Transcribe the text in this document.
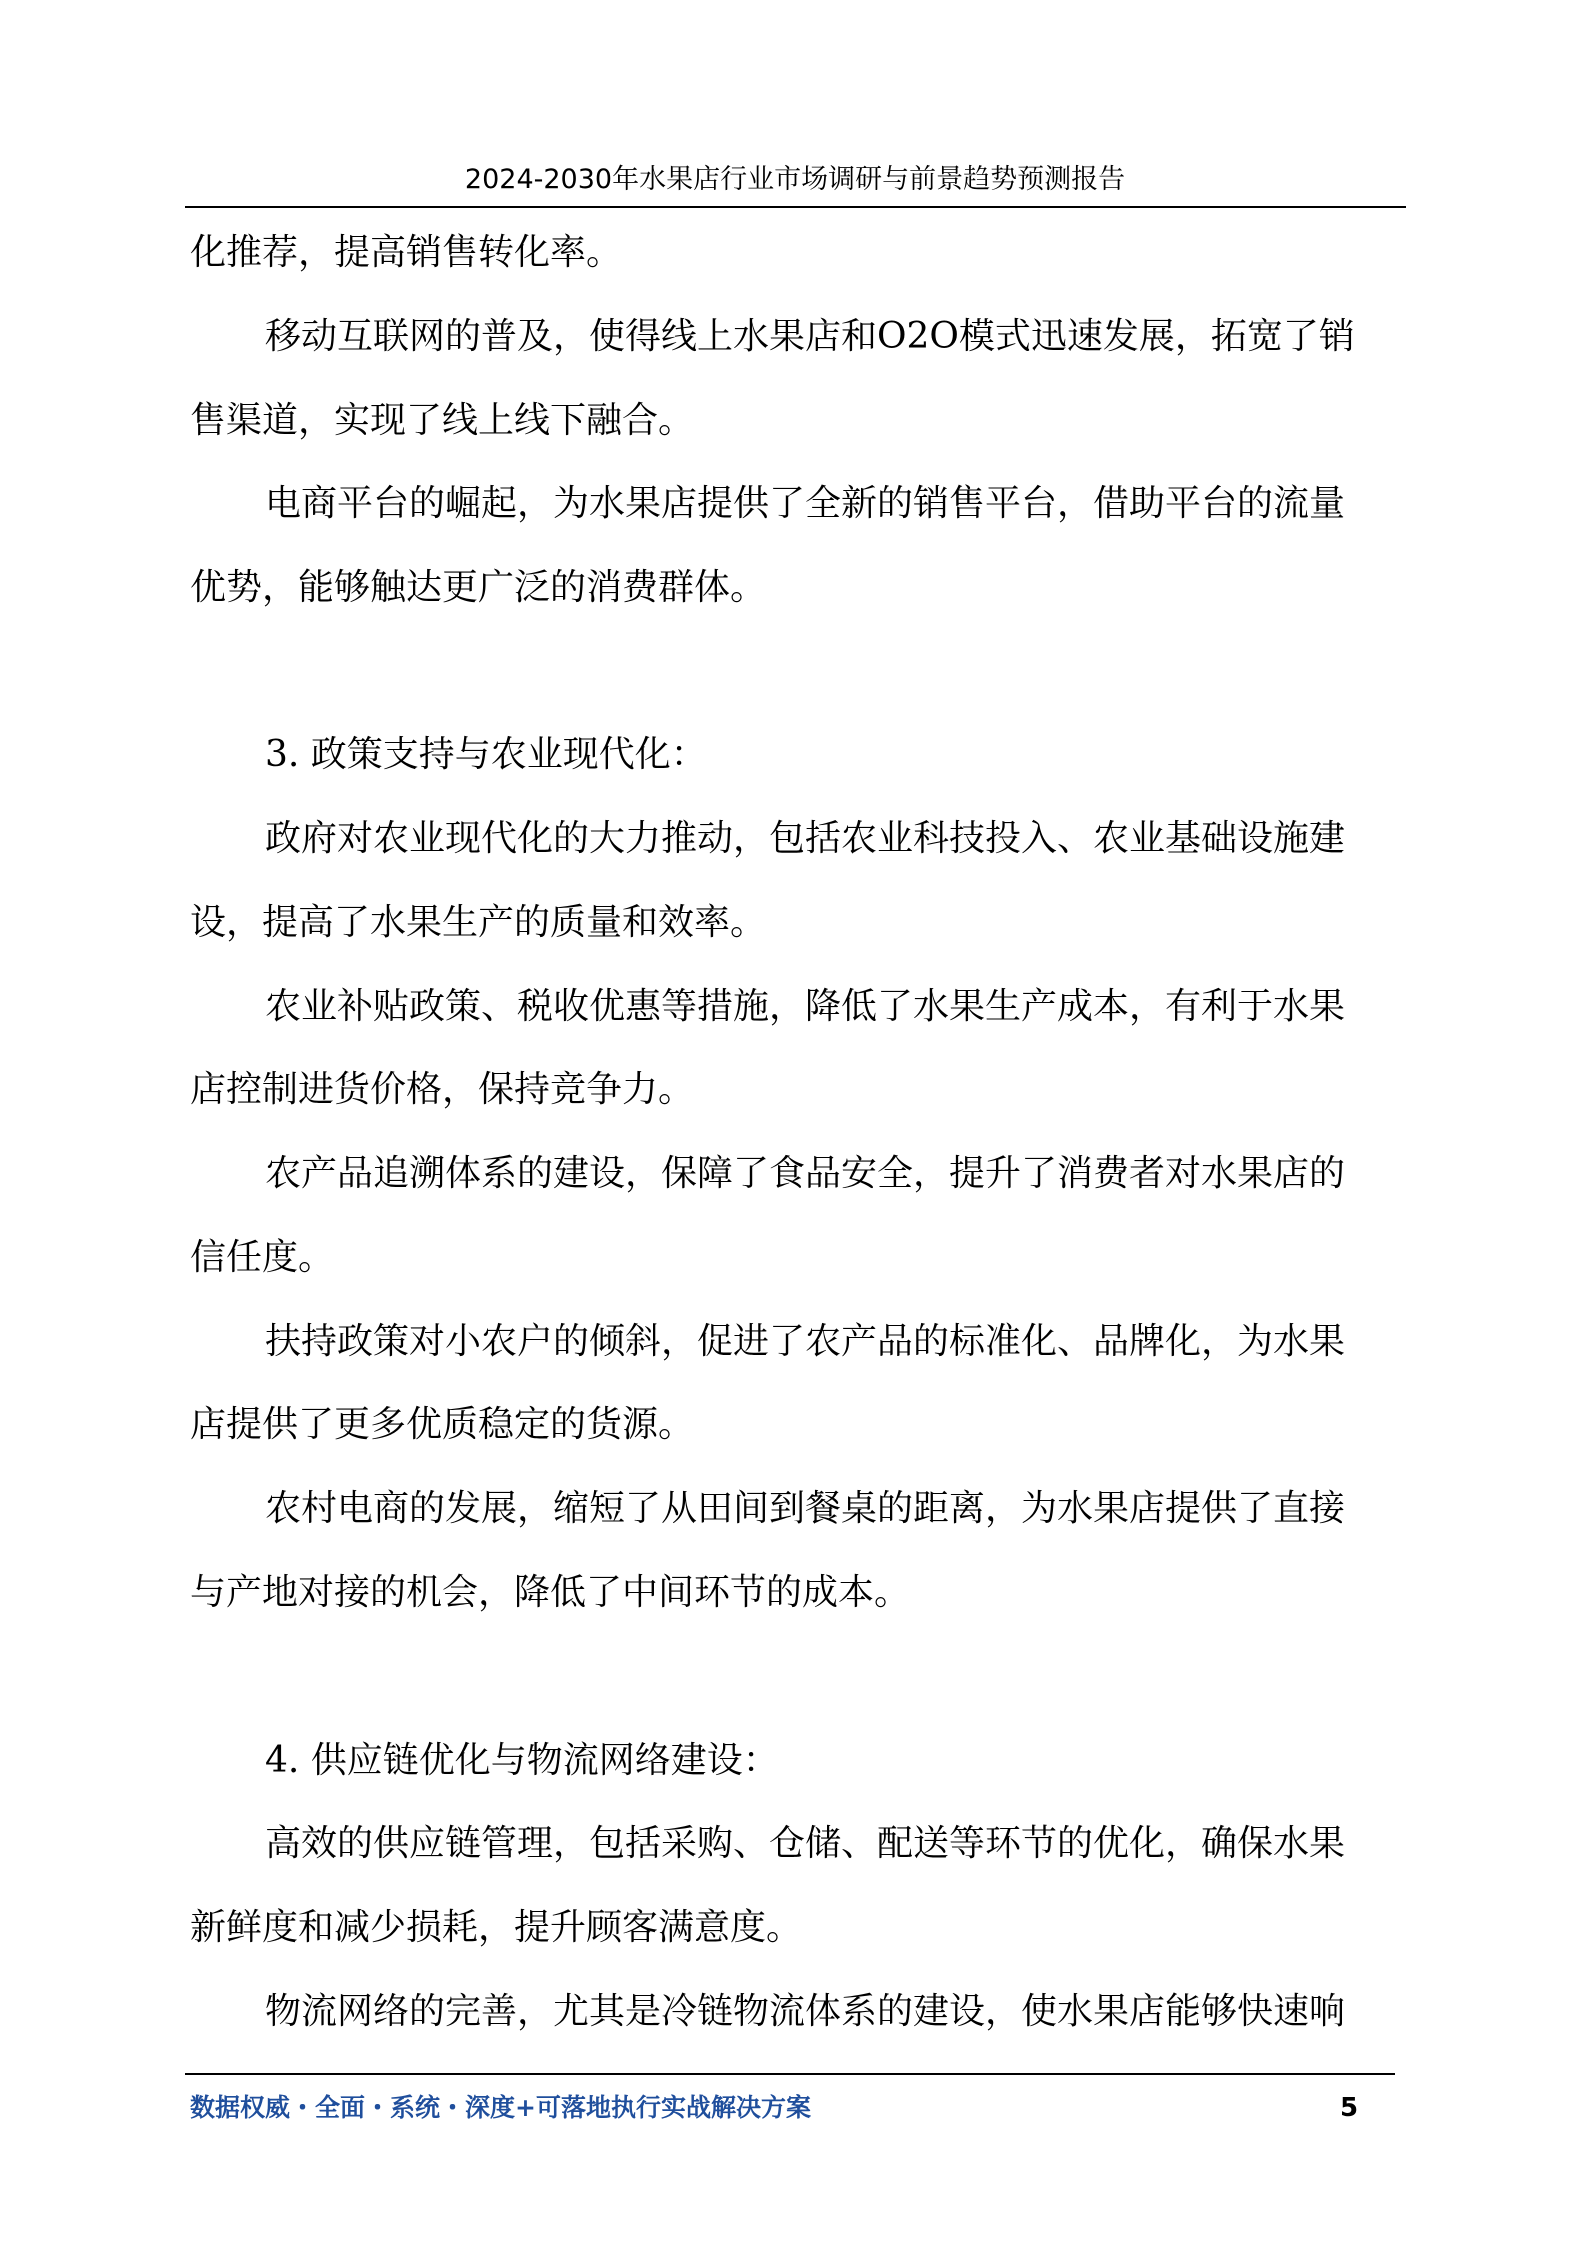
2024-2030年水果店行业市场调研与前景趋势预测报告
化推荐，提高销售转化率。
移动互联网的普及，使得线上水果店和O2O模式迅速发展，拓宽了销
售渠道，实现了线上线下融合。
电商平台的崛起，为水果店提供了全新的销售平台，借助平台的流量
优势，能够触达更广泛的消费群体。
3. 政策支持与农业现代化：
政府对农业现代化的大力推动，包括农业科技投入、农业基础设施建
设，提高了水果生产的质量和效率。
农业补贴政策、税收优惠等措施，降低了水果生产成本，有利于水果
店控制进货价格，保持竞争力。
农产品追溯体系的建设，保障了食品安全，提升了消费者对水果店的
信任度。
扶持政策对小农户的倾斜，促进了农产品的标准化、品牌化，为水果
店提供了更多优质稳定的货源。
农村电商的发展，缩短了从田间到餐桌的距离，为水果店提供了直接
与产地对接的机会，降低了中间环节的成本。
4. 供应链优化与物流网络建设：
高效的供应链管理，包括采购、仓储、配送等环节的优化，确保水果
新鲜度和减少损耗，提升顾客满意度。
物流网络的完善，尤其是冷链物流体系的建设，使水果店能够快速响
数据权威・全面・系统・深度+可落地执行实战解决方案	5
